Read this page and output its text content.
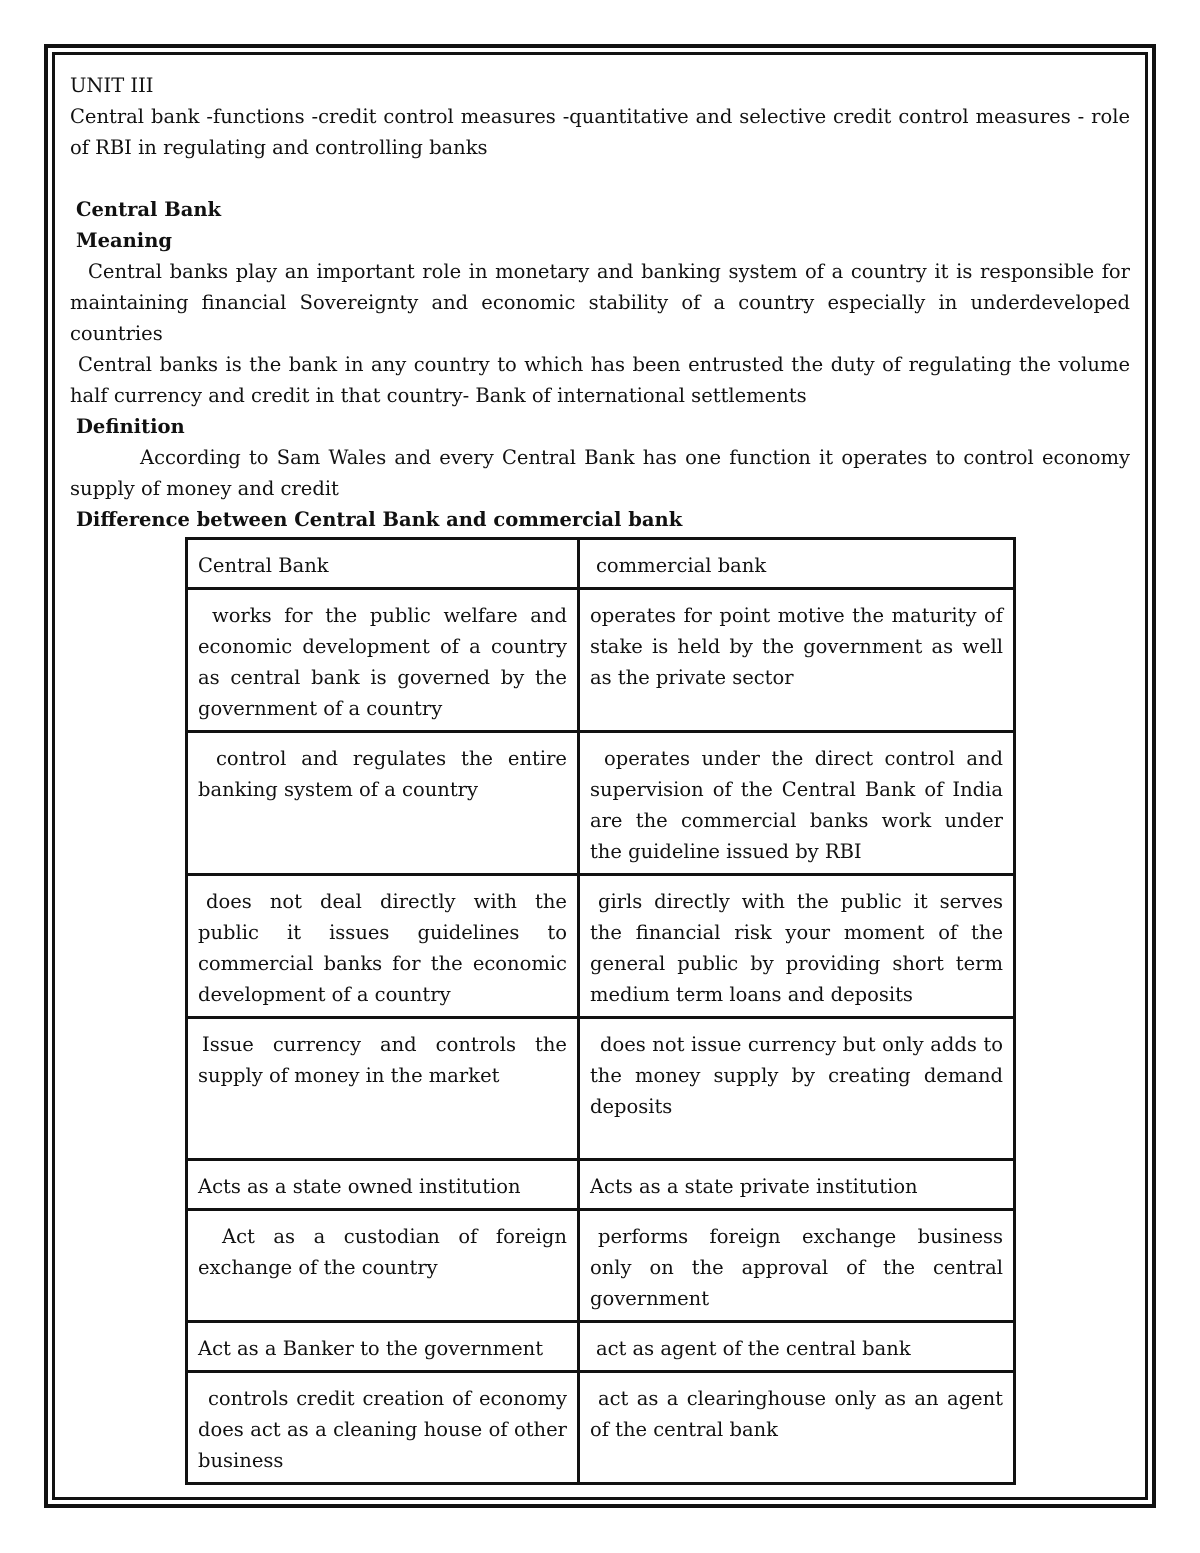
UNIT III

Central bank -functions -credit control measures -quantitative and selective credit control measures - role of RBI in regulating and controlling banks

Central Bank

Meaning

Central banks play an important role in monetary and banking system of a country it is responsible for maintaining financial Sovereignty and economic stability of a country especially in underdeveloped countries

Central banks is the bank in any country to which has been entrusted the duty of regulating the volume half currency and credit in that country- Bank of international settlements

Definition

According to Sam Wales and every Central Bank has one function it operates to control economy supply of money and credit

Difference between Central Bank and commercial bank

Central Bank	commercial bank
works for the public welfare and economic development of a country as central bank is governed by the government of a country	operates for point motive the maturity of stake is held by the government as well as the private sector
control and regulates the entire banking system of a country	operates under the direct control and supervision of the Central Bank of India are the commercial banks work under the guideline issued by RBI
does not deal directly with the public it issues guidelines to commercial banks for the economic development of a country	girls directly with the public it serves the financial risk your moment of the general public by providing short term medium term loans and deposits
Issue currency and controls the supply of money in the market	does not issue currency but only adds to the money supply by creating demand deposits
Acts as a state owned institution	Acts as a state private institution
Act as a custodian of foreign exchange of the country	performs foreign exchange business only on the approval of the central government
Act as a Banker to the government	act as agent of the central bank
controls credit creation of economy does act as a cleaning house of other business	act as a clearinghouse only as an agent of the central bank
